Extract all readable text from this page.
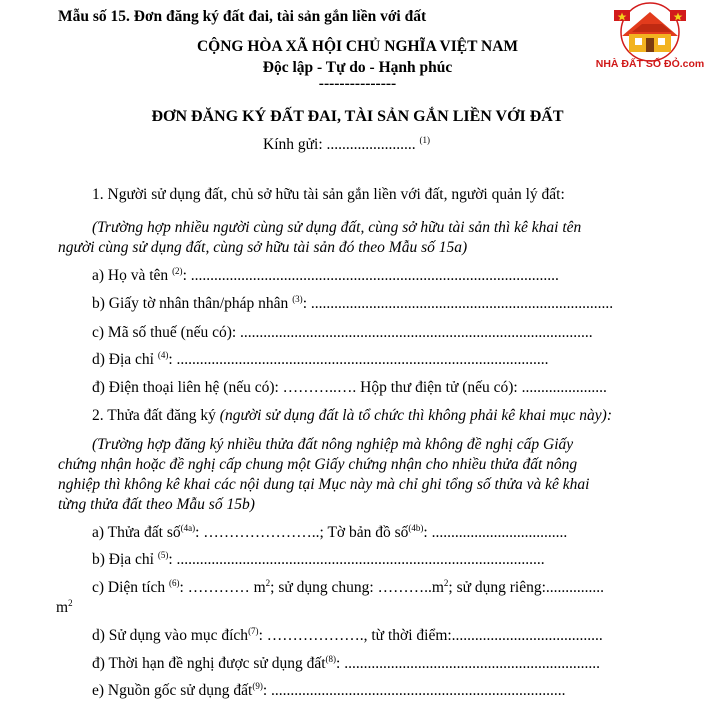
Mẫu số 15. Đơn đăng ký đất đai, tài sản gắn liền với đất
CỘNG HÒA XÃ HỘI CHỦ NGHĨA VIỆT NAM
Độc lập - Tự do - Hạnh phúc
---------------
NHÀ ĐẤT SỔ ĐỎ.com
ĐƠN ĐĂNG KÝ ĐẤT ĐAI, TÀI SẢN GẮN LIỀN VỚI ĐẤT
Kính gửi: ....................... $^{(1)}$
1. Người sử dụng đất, chủ sở hữu tài sản gắn liền với đất, người quản lý đất:
(Trường hợp nhiều người cùng sử dụng đất, cùng sở hữu tài sản thì kê khai tên
người cùng sử dụng đất, cùng sở hữu tài sản đó theo Mẫu số 15a)
a) Họ và tên $^{(2)}$: ...............................................................................................
b) Giấy tờ nhân thân/pháp nhân $^{(3)}$: ..............................................................................
c) Mã số thuế (nếu có): ...........................................................................................
d) Địa chỉ $^{(4)}$: ................................................................................................
đ) Điện thoại liên hệ (nếu có): ………..…. Hộp thư điện tử (nếu có): ......................
2. Thửa đất đăng ký (người sử dụng đất là tổ chức thì không phải kê khai mục này):
(Trường hợp đăng ký nhiều thửa đất nông nghiệp mà không đề nghị cấp Giấy
chứng nhận hoặc đề nghị cấp chung một Giấy chứng nhận cho nhiều thửa đất nông
nghiệp thì không kê khai các nội dung tại Mục này mà chỉ ghi tổng số thửa và kê khai
từng thửa đất theo Mẫu số 15b)
a) Thửa đất số$^{(4a)}$: …………………..; Tờ bản đồ số$^{(4b)}$: ...................................
b) Địa chỉ $^{(5)}$: ...............................................................................................
c) Diện tích $^{(6)}$: ………… $m^2$; sử dụng chung: $\dots\dots\dots..m^2$; sử dụng riêng:...............
$m^2$
d) Sử dụng vào mục đích$^{(7)}$: ………………., từ thời điểm:.......................................
đ) Thời hạn đề nghị được sử dụng đất$^{(8)}$: ..................................................................
e) Nguồn gốc sử dụng đất$^{(9)}$: ............................................................................
